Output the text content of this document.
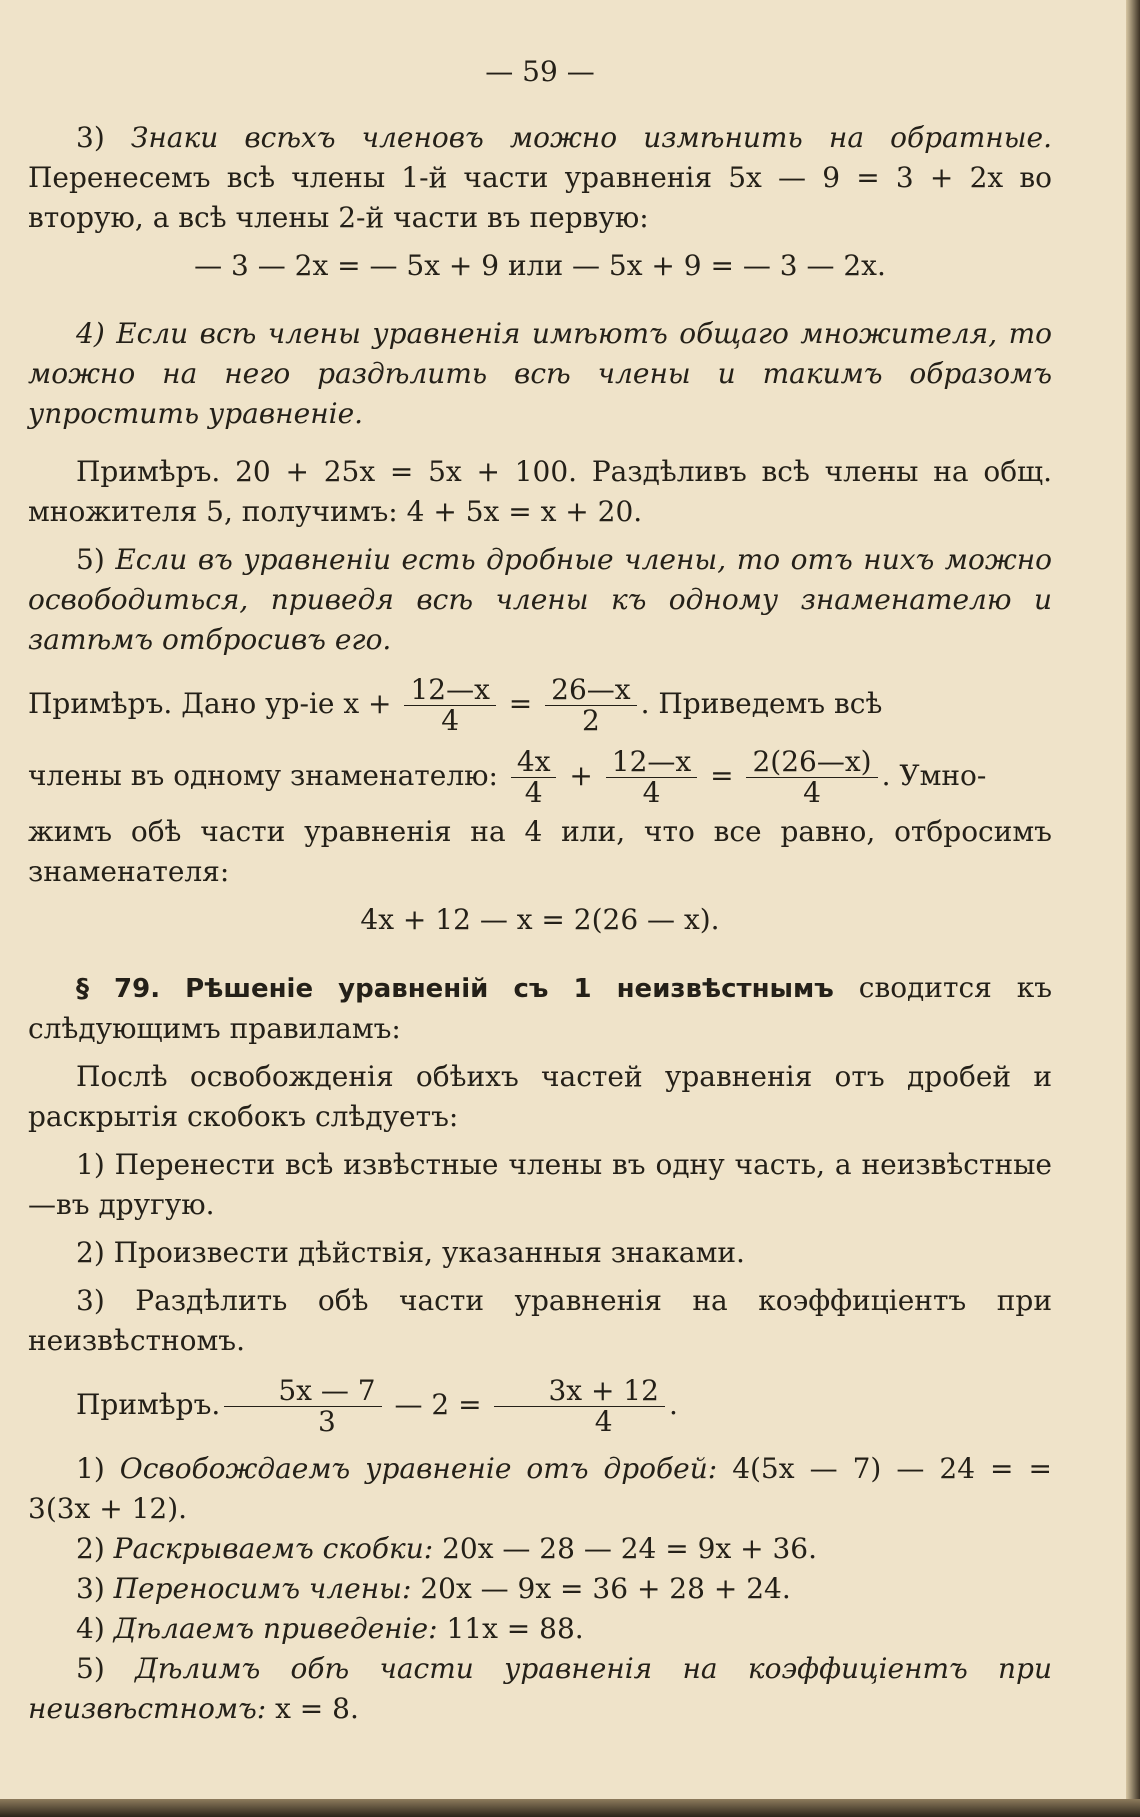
— 59 —

3) Знаки всѣхъ членовъ можно измѣнить на обратные. Перенесемъ всѣ члены 1-й части уравненія 5x — 9 = 3 + 2x во вторую, а всѣ члены 2-й части въ первую:

— 3 — 2x = — 5x + 9 или — 5x + 9 = — 3 — 2x.

4) Если всѣ члены уравненія имѣютъ общаго множителя, то можно на него раздѣлить всѣ члены и такимъ образомъ упростить уравненіе.

Примѣръ. 20 + 25x = 5x + 100. Раздѣливъ всѣ члены на общ. множителя 5, получимъ: 4 + 5x = x + 20.

5) Если въ уравненіи есть дробные члены, то отъ нихъ можно освободиться, приведя всѣ члены къ одному знаменателю и затѣмъ отбросивъ его.

Примѣръ. Дано ур-іе $x + \frac{12—x}{4} = \frac{26—x}{2}$ . Приведемъ всѣ

члены въ одному знаменателю: $\frac{4x}{4} + \frac{12—x}{4} = \frac{2(26—x)}{4}$ . Умно-

жимъ обѣ части уравненія на 4 или, что все равно, отбросимъ знаменателя:

4x + 12 — x = 2(26 — x).

§ 79. Рѣшеніе уравненій съ 1 неизвѣстнымъ сводится къ слѣдующимъ правиламъ:

Послѣ освобожденія обѣихъ частей уравненія отъ дробей и раскрытія скобокъ слѣдуетъ:

1) Перенести всѣ извѣстные члены въ одну часть, а неизвѣстные—въ другую.

2) Произвести дѣйствія, указанныя знаками.

3) Раздѣлить обѣ части уравненія на коэффиціентъ при неизвѣстномъ.

Примѣръ. $\frac{5x — 7}{3}$ — $2 = \frac{3x + 12}{4}$ .

1) Освобождаемъ уравненіе отъ дробей: 4(5x — 7) — 24 = = 3(3x + 12).

2) Раскрываемъ скобки: 20x — 28 — 24 = 9x + 36.

3) Переносимъ члены: 20x — 9x = 36 + 28 + 24.

4) Дѣлаемъ приведеніе: 11x = 88.

5) Дѣлимъ обѣ части уравненія на коэффиціентъ при неизвѣстномъ: x = 8.
